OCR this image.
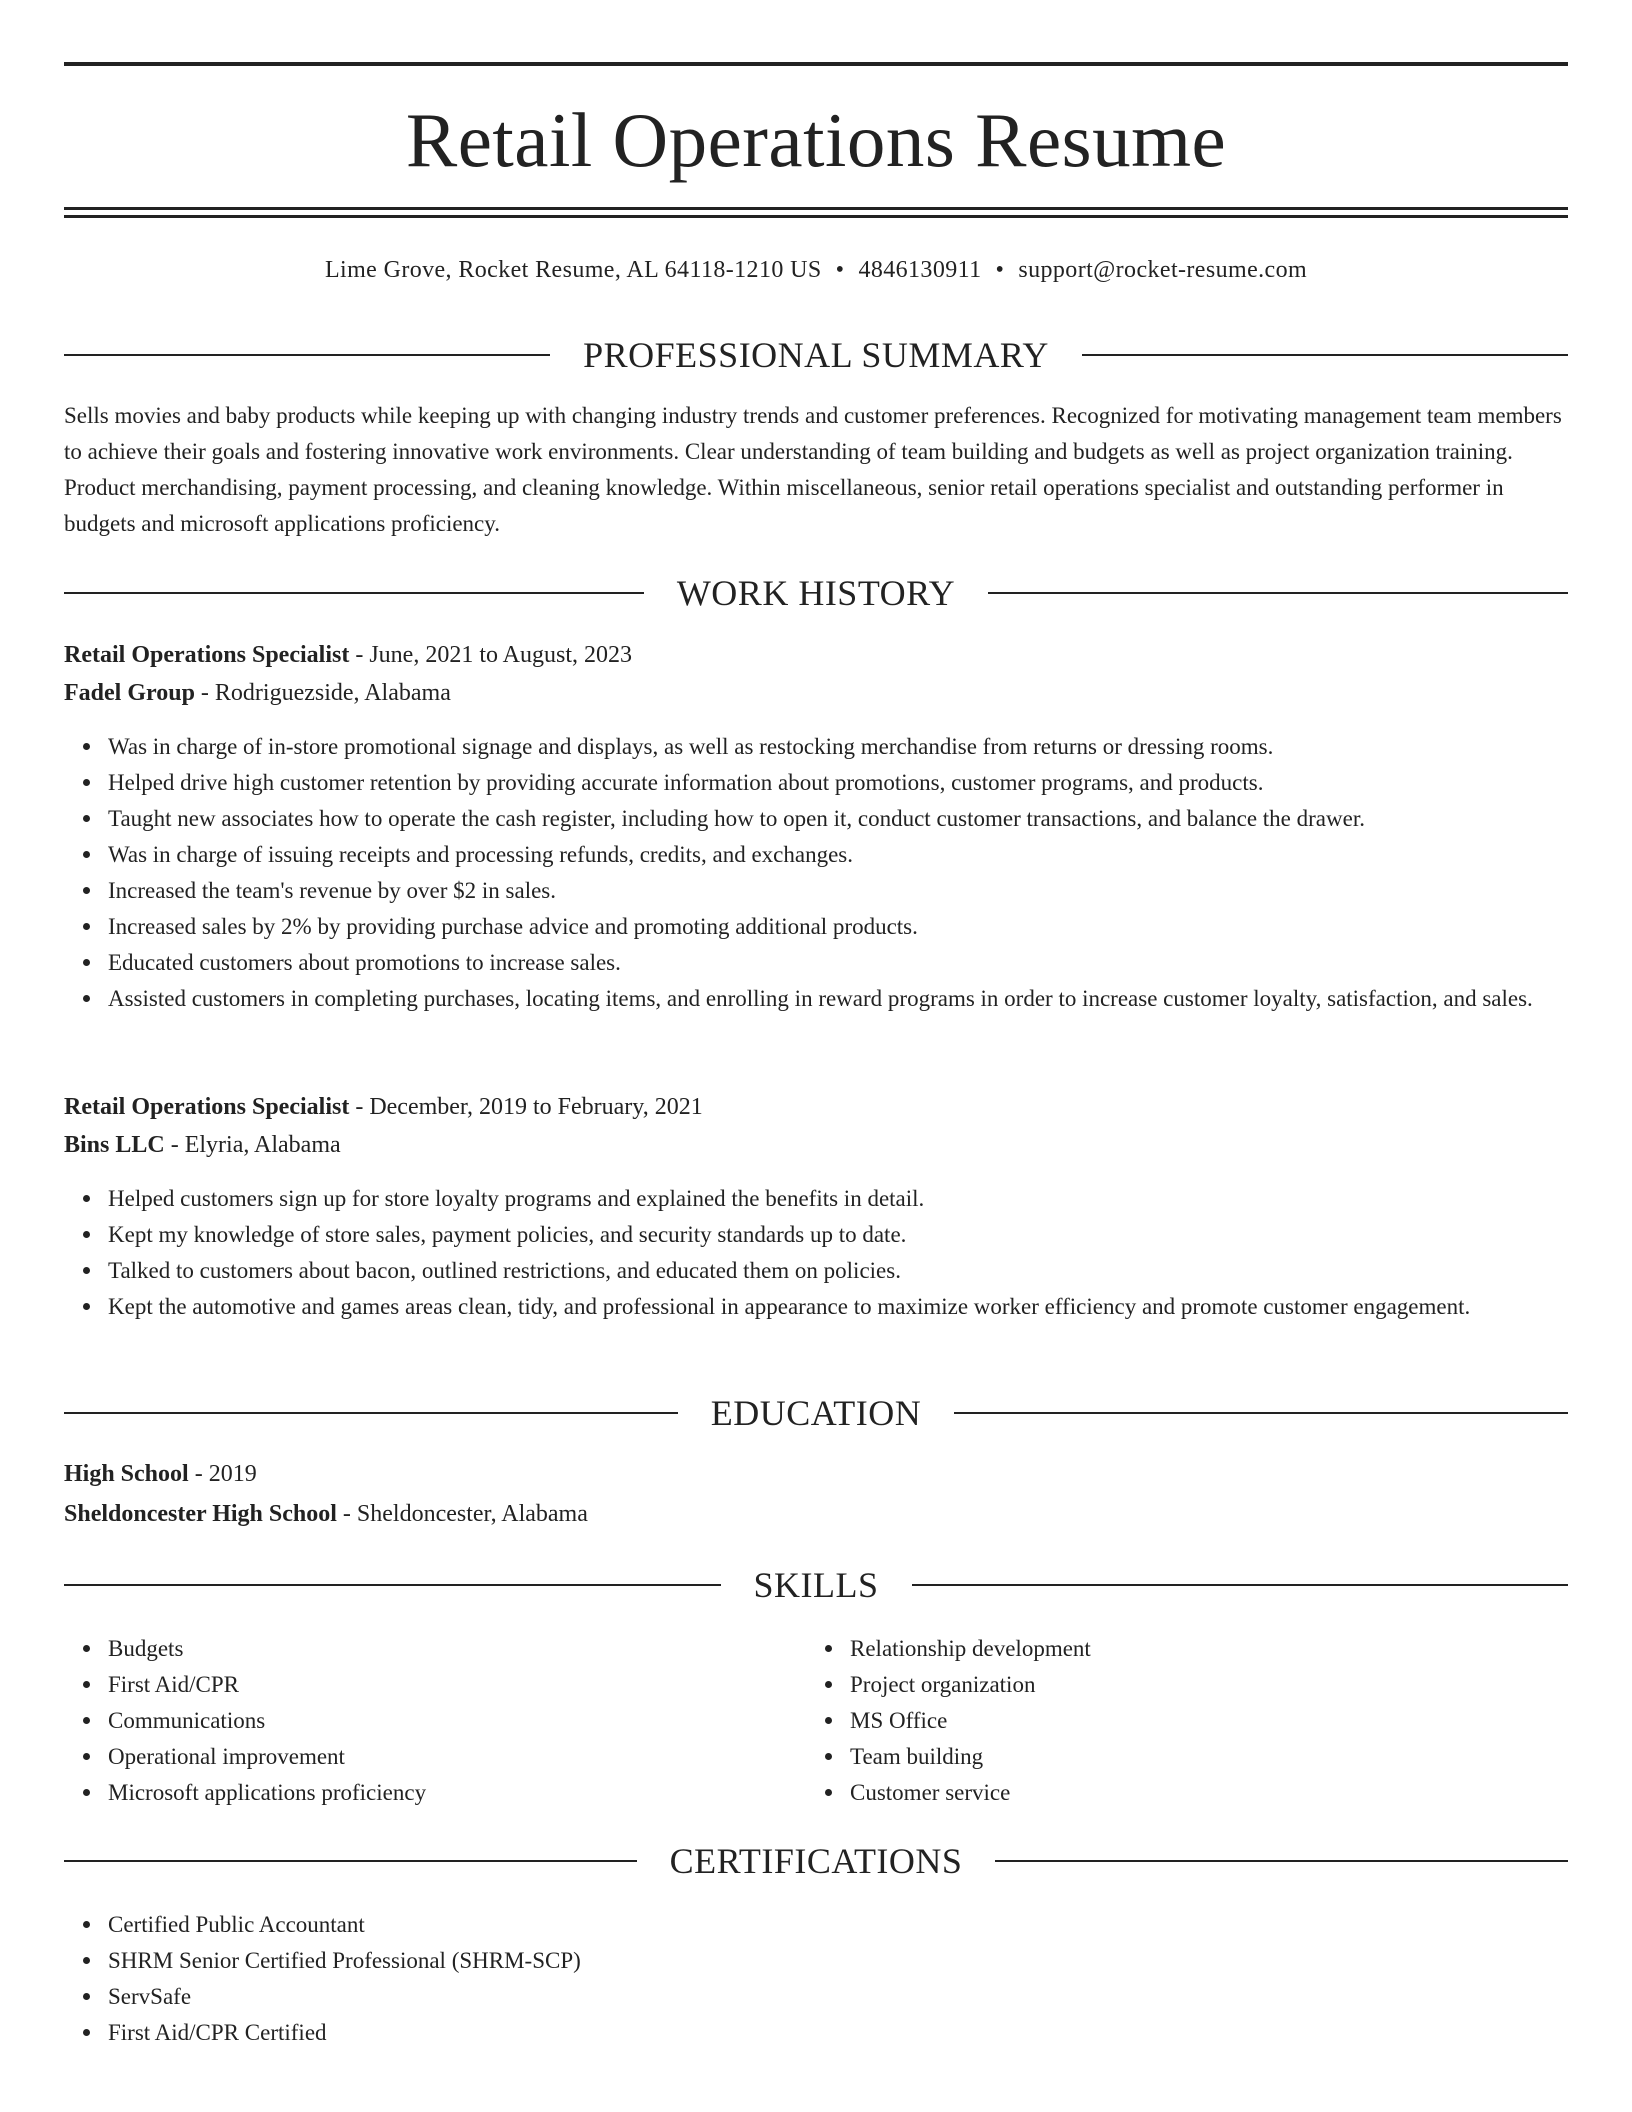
Retail Operations Resume
Lime Grove, Rocket Resume, AL 64118-1210 US • 4846130911 • support@rocket-resume.com
PROFESSIONAL SUMMARY

Sells movies and baby products while keeping up with changing industry trends and customer preferences. Recognized for motivating management team members to achieve their goals and fostering innovative work environments. Clear understanding of team building and budgets as well as project organization training. Product merchandising, payment processing, and cleaning knowledge. Within miscellaneous, senior retail operations specialist and outstanding performer in budgets and microsoft applications proficiency.

WORK HISTORY

Retail Operations Specialist - June, 2021 to August, 2023

Fadel Group - Rodriguezside, Alabama

Was in charge of in-store promotional signage and displays, as well as restocking merchandise from returns or dressing rooms.
Helped drive high customer retention by providing accurate information about promotions, customer programs, and products.
Taught new associates how to operate the cash register, including how to open it, conduct customer transactions, and balance the drawer.
Was in charge of issuing receipts and processing refunds, credits, and exchanges.
Increased the team's revenue by over $2 in sales.
Increased sales by 2% by providing purchase advice and promoting additional products.
Educated customers about promotions to increase sales.
Assisted customers in completing purchases, locating items, and enrolling in reward programs in order to increase customer loyalty, satisfaction, and sales.

Retail Operations Specialist - December, 2019 to February, 2021

Bins LLC - Elyria, Alabama

Helped customers sign up for store loyalty programs and explained the benefits in detail.
Kept my knowledge of store sales, payment policies, and security standards up to date.
Talked to customers about bacon, outlined restrictions, and educated them on policies.
Kept the automotive and games areas clean, tidy, and professional in appearance to maximize worker efficiency and promote customer engagement.
EDUCATION

High School - 2019

Sheldoncester High School - Sheldoncester, Alabama

SKILLS
Budgets
First Aid/CPR
Communications
Operational improvement
Microsoft applications proficiency
Relationship development
Project organization
MS Office
Team building
Customer service
CERTIFICATIONS
Certified Public Accountant
SHRM Senior Certified Professional (SHRM-SCP)
ServSafe
First Aid/CPR Certified
